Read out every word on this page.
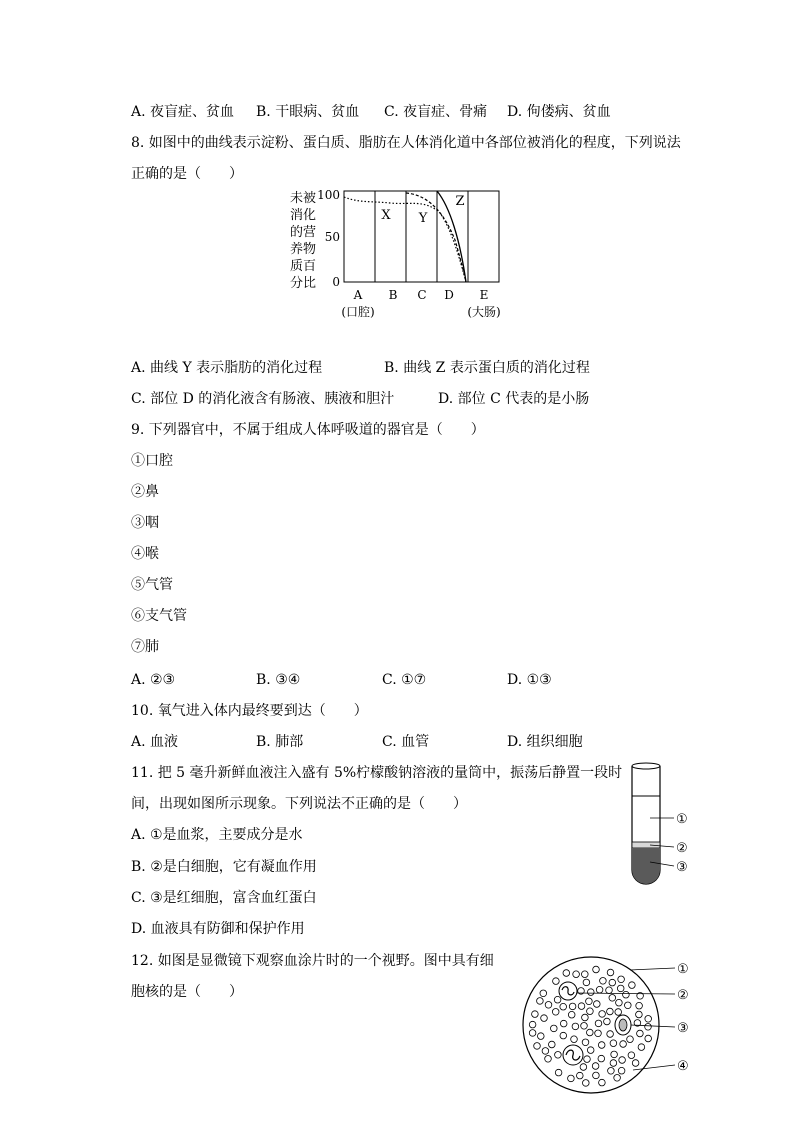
A. 夜盲症、贫血 B. 干眼病、贫血 C. 夜盲症、骨痛 D. 佝偻病、贫血
8. 如图中的曲线表示淀粉、蛋白质、脂肪在人体消化道中各部位被消化的程度，下列说法
正确的是（　　）
未被
消化
的营
养物
质百
分比
100
50
0
X Y
Z
A B C D E
(口腔)	(大肠)
A. 曲线 Y 表示脂肪的消化过程	B. 曲线 Z 表示蛋白质的消化过程
C. 部位 D 的消化液含有肠液、胰液和胆汁	D. 部位 C 代表的是小肠
9. 下列器官中，不属于组成人体呼吸道的器官是（　　）
①口腔
②鼻
③咽
④喉
⑤气管
⑥支气管
⑦肺
A. ②③	B. ③④	C. ①⑦	D. ①③
10. 氧气进入体内最终要到达（　　）
A. 血液	B. 肺部	C. 血管	D. 组织细胞
11. 把 5 毫升新鲜血液注入盛有 5%柠檬酸钠溶液的量筒中，振荡后静置一段时
间，出现如图所示现象。下列说法不正确的是（　　）
A. ①是血浆，主要成分是水
B. ②是白细胞，它有凝血作用
C. ③是红细胞，富含血红蛋白
D. 血液具有防御和保护作用
①
②
③
12. 如图是显微镜下观察血涂片时的一个视野。图中具有细
胞核的是（　　）
①
②
③
④
